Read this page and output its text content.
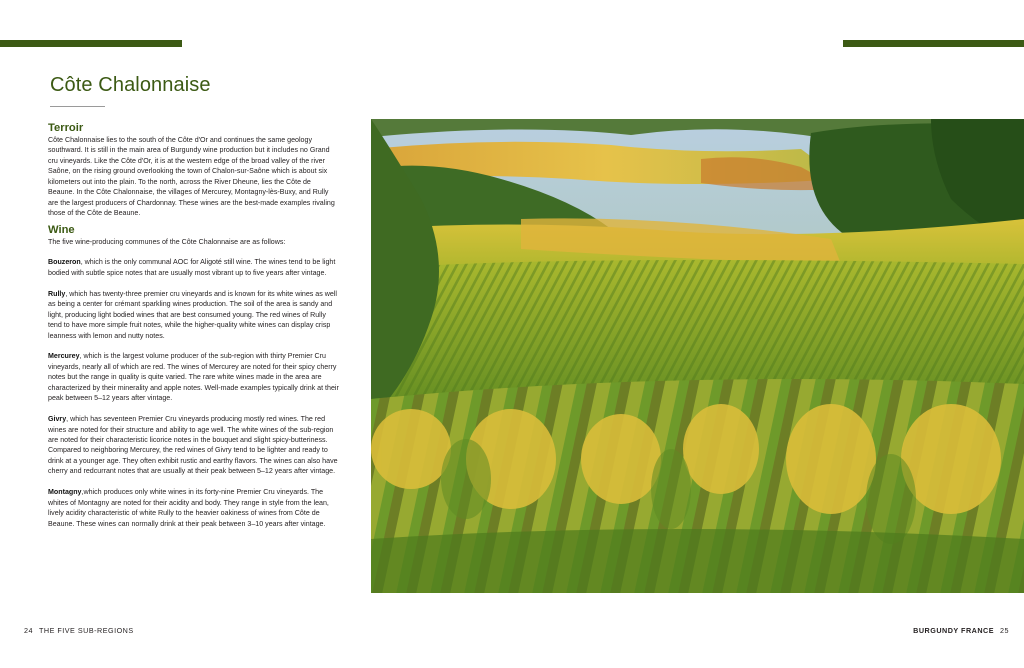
Côte Chalonnaise
Terroir

Côte Chalonnaise lies to the south of the Côte d'Or and continues the same geology southward. It is still in the main area of Burgundy wine production but it includes no Grand cru vineyards. Like the Côte d'Or, it is at the western edge of the broad valley of the river Saône, on the rising ground overlooking the town of Chalon-sur-Saône which is about six kilometers out into the plain. To the north, across the River Dheune, lies the Côte de Beaune. In the Côte Chalonnaise, the villages of Mercurey, Montagny-lès-Buxy, and Rully are the largest producers of Chardonnay. These wines are the best-made examples rivaling those of the Côte de Beaune.

Wine

The five wine-producing communes of the Côte Chalonnaise are as follows:

Bouzeron, which is the only communal AOC for Aligoté still wine. The wines tend to be light bodied with subtle spice notes that are usually most vibrant up to five years after vintage.

Rully, which has twenty-three premier cru vineyards and is known for its white wines as well as being a center for crémant sparkling wines production. The soil of the area is sandy and light, producing light bodied wines that are best consumed young. The red wines of Rully tend to have more simple fruit notes, while the higher-quality white wines can display crisp leanness with lemon and nutty notes.

Mercurey, which is the largest volume producer of the sub-region with thirty Premier Cru vineyards, nearly all of which are red. The wines of Mercurey are noted for their spicy cherry notes but the range in quality is quite varied. The rare white wines made in the area are characterized by their minerality and apple notes. Well-made examples typically drink at their peak between 5–12 years after vintage.

Givry, which has seventeen Premier Cru vineyards producing mostly red wines. The red wines are noted for their structure and ability to age well. The white wines of the sub-region are noted for their characteristic licorice notes in the bouquet and slight spicy-butteriness. Compared to neighboring Mercurey, the red wines of Givry tend to be lighter and ready to drink at a younger age. They often exhibit rustic and earthy flavors. The wines can also have cherry and redcurrant notes that are usually at their peak between 5–12 years after vintage.

Montagny,which produces only white wines in its forty-nine Premier Cru vineyards. The whites of Montagny are noted for their acidity and body. They range in style from the lean, lively acidity characteristic of white Rully to the heavier oakiness of wines from Côte de Beaune. These wines can normally drink at their peak between 3–10 years after vintage.

24 THE FIVE SUB-REGIONS	BURGUNDY FRANCE 25
